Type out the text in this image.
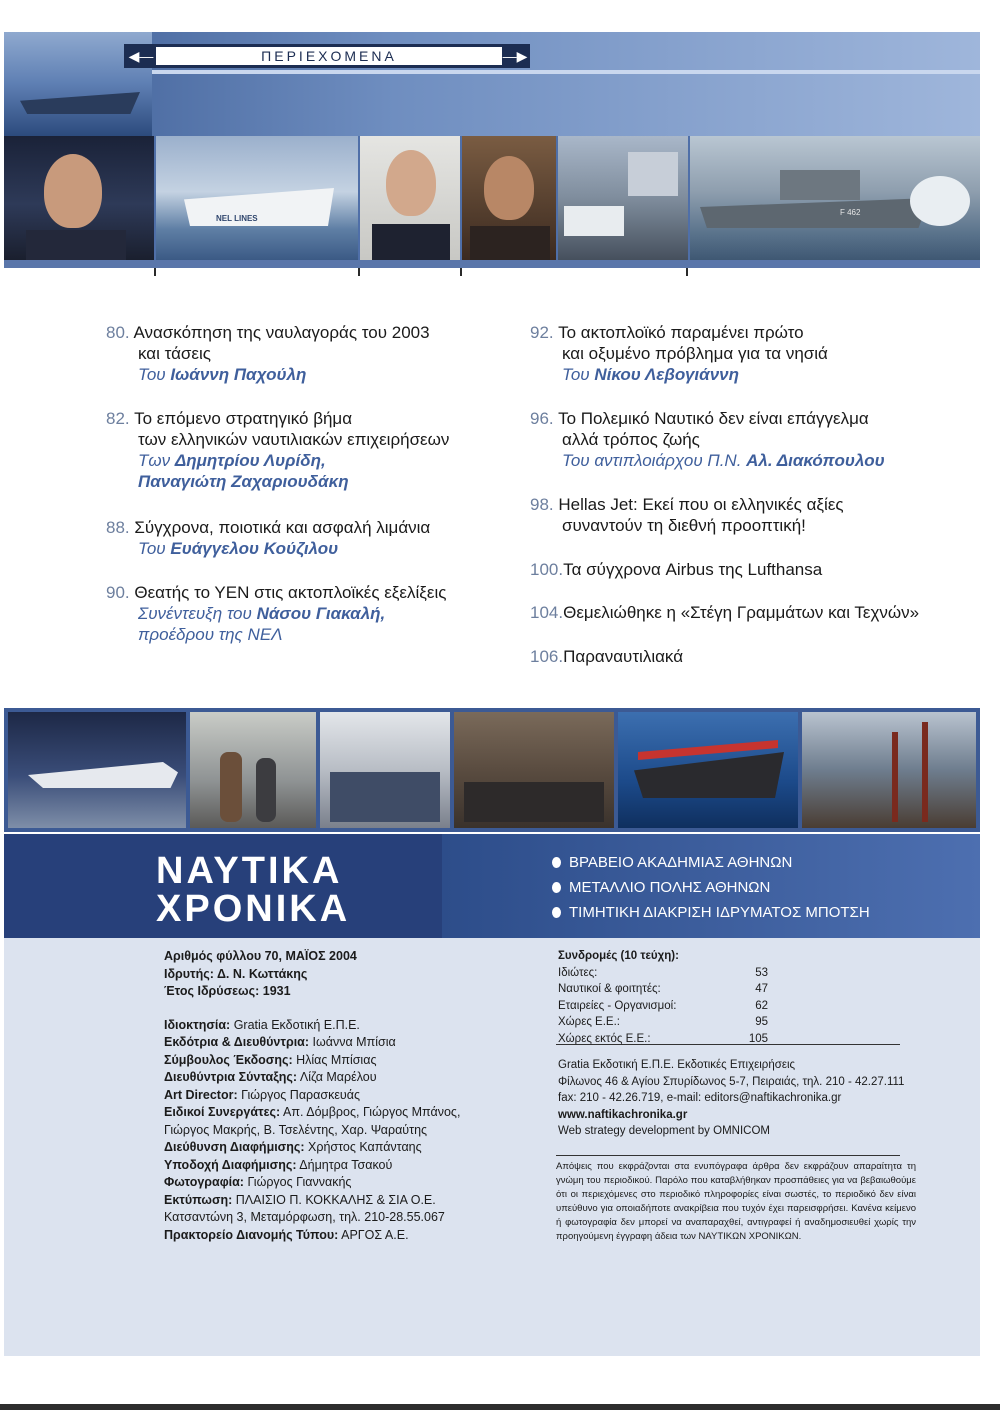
◀—	—▶
ΠΕΡΙΕΧΟΜΕΝΑ
NEL LINES
F 462
80. Ανασκόπηση της ναυλαγοράς του 2003
και τάσεις
Του Ιωάννη Παχούλη
82. Το επόμενο στρατηγικό βήμα
των ελληνικών ναυτιλιακών επιχειρήσεων
Των Δημητρίου Λυρίδη,
Παναγιώτη Ζαχαριουδάκη
88. Σύγχρονα, ποιοτικά και ασφαλή λιμάνια
Του Ευάγγελου Κούζιλου
90. Θεατής το ΥΕΝ στις ακτοπλοϊκές εξελίξεις
Συνέντευξη του Νάσου Γιακαλή,
προέδρου της ΝΕΛ
92. Το ακτοπλοϊκό παραμένει πρώτο
και οξυμένο πρόβλημα για τα νησιά
Του Νίκου Λεβογιάννη
96. Το Πολεμικό Ναυτικό δεν είναι επάγγελμα
αλλά τρόπος ζωής
Του αντιπλοιάρχου Π.Ν. Αλ. Διακόπουλου
98. Hellas Jet: Εκεί που οι ελληνικές αξίες
συναντούν τη διεθνή προοπτική!
100.Τα σύγχρονα Airbus της Lufthansa
104.Θεμελιώθηκε η «Στέγη Γραμμάτων και Τεχνών»
106.Παραναυτιλιακά
ΝΑΥΤΙΚΑ
ΧΡΟΝΙΚΑ
ΒΡΑΒΕΙΟ ΑΚΑΔΗΜΙΑΣ ΑΘΗΝΩΝ
ΜΕΤΑΛΛΙΟ ΠΟΛΗΣ ΑΘΗΝΩΝ
ΤΙΜΗΤΙΚΗ ΔΙΑΚΡΙΣΗ ΙΔΡΥΜΑΤΟΣ ΜΠΟΤΣΗ
Αριθμός φύλλου 70, ΜΑΪΟΣ 2004
Ιδρυτής: Δ. Ν. Κωττάκης
Έτος Ιδρύσεως: 1931
Ιδιοκτησία: Gratia Εκδοτική Ε.Π.Ε.
Εκδότρια & Διευθύντρια: Ιωάννα Μπίσια
Σύμβουλος Έκδοσης: Ηλίας Μπίσιας
Διευθύντρια Σύνταξης: Λίζα Μαρέλου
Art Director: Γιώργος Παρασκευάς
Ειδικοί Συνεργάτες: Απ. Δόμβρος, Γιώργος Μπάνος,
Γιώργος Μακρής, Β. Τσελέντης, Χαρ. Ψαραύτης
Διεύθυνση Διαφήμισης: Χρήστος Καπάνταης
Υποδοχή Διαφήμισης: Δήμητρα Τσακού
Φωτογραφία: Γιώργος Γιαννακής
Εκτύπωση: ΠΛΑΙΣΙΟ Π. ΚΟΚΚΑΛΗΣ & ΣΙΑ Ο.Ε.
Κατσαντώνη 3, Μεταμόρφωση, τηλ. 210-28.55.067
Πρακτορείο Διανομής Τύπου: ΑΡΓΟΣ Α.Ε.
Συνδρομές (10 τεύχη):
Ιδιώτες:	53
Ναυτικοί & φοιτητές:	47
Εταιρείες - Οργανισμοί:	62
Χώρες Ε.Ε.:	95
Χώρες εκτός Ε.Ε.:	105
Gratia Εκδοτική Ε.Π.Ε. Εκδοτικές Επιχειρήσεις
Φίλωνος 46 & Αγίου Σπυρίδωνος 5-7, Πειραιάς, τηλ. 210 - 42.27.111
fax: 210 - 42.26.719, e-mail: editors@naftikachronika.gr
www.naftikachronika.gr
Web strategy development by OMNICOM
Απόψεις που εκφράζονται στα ενυπόγραφα άρθρα δεν εκφράζουν απαραίτητα τη γνώμη του περιοδικού. Παρόλο που καταβλήθηκαν προσπάθειες για να βεβαιωθούμε ότι οι περιεχόμενες στο περιοδικό πληροφορίες είναι σωστές, το περιοδικό δεν είναι υπεύθυνο για οποιαδήποτε ανακρίβεια που τυχόν έχει παρεισφρήσει. Κανένα κείμενο ή φωτογραφία δεν μπορεί να αναπαραχθεί, αντιγραφεί ή αναδημοσιευθεί χωρίς την προηγούμενη έγγραφη άδεια των ΝΑΥΤΙΚΩΝ ΧΡΟΝΙΚΩΝ.
